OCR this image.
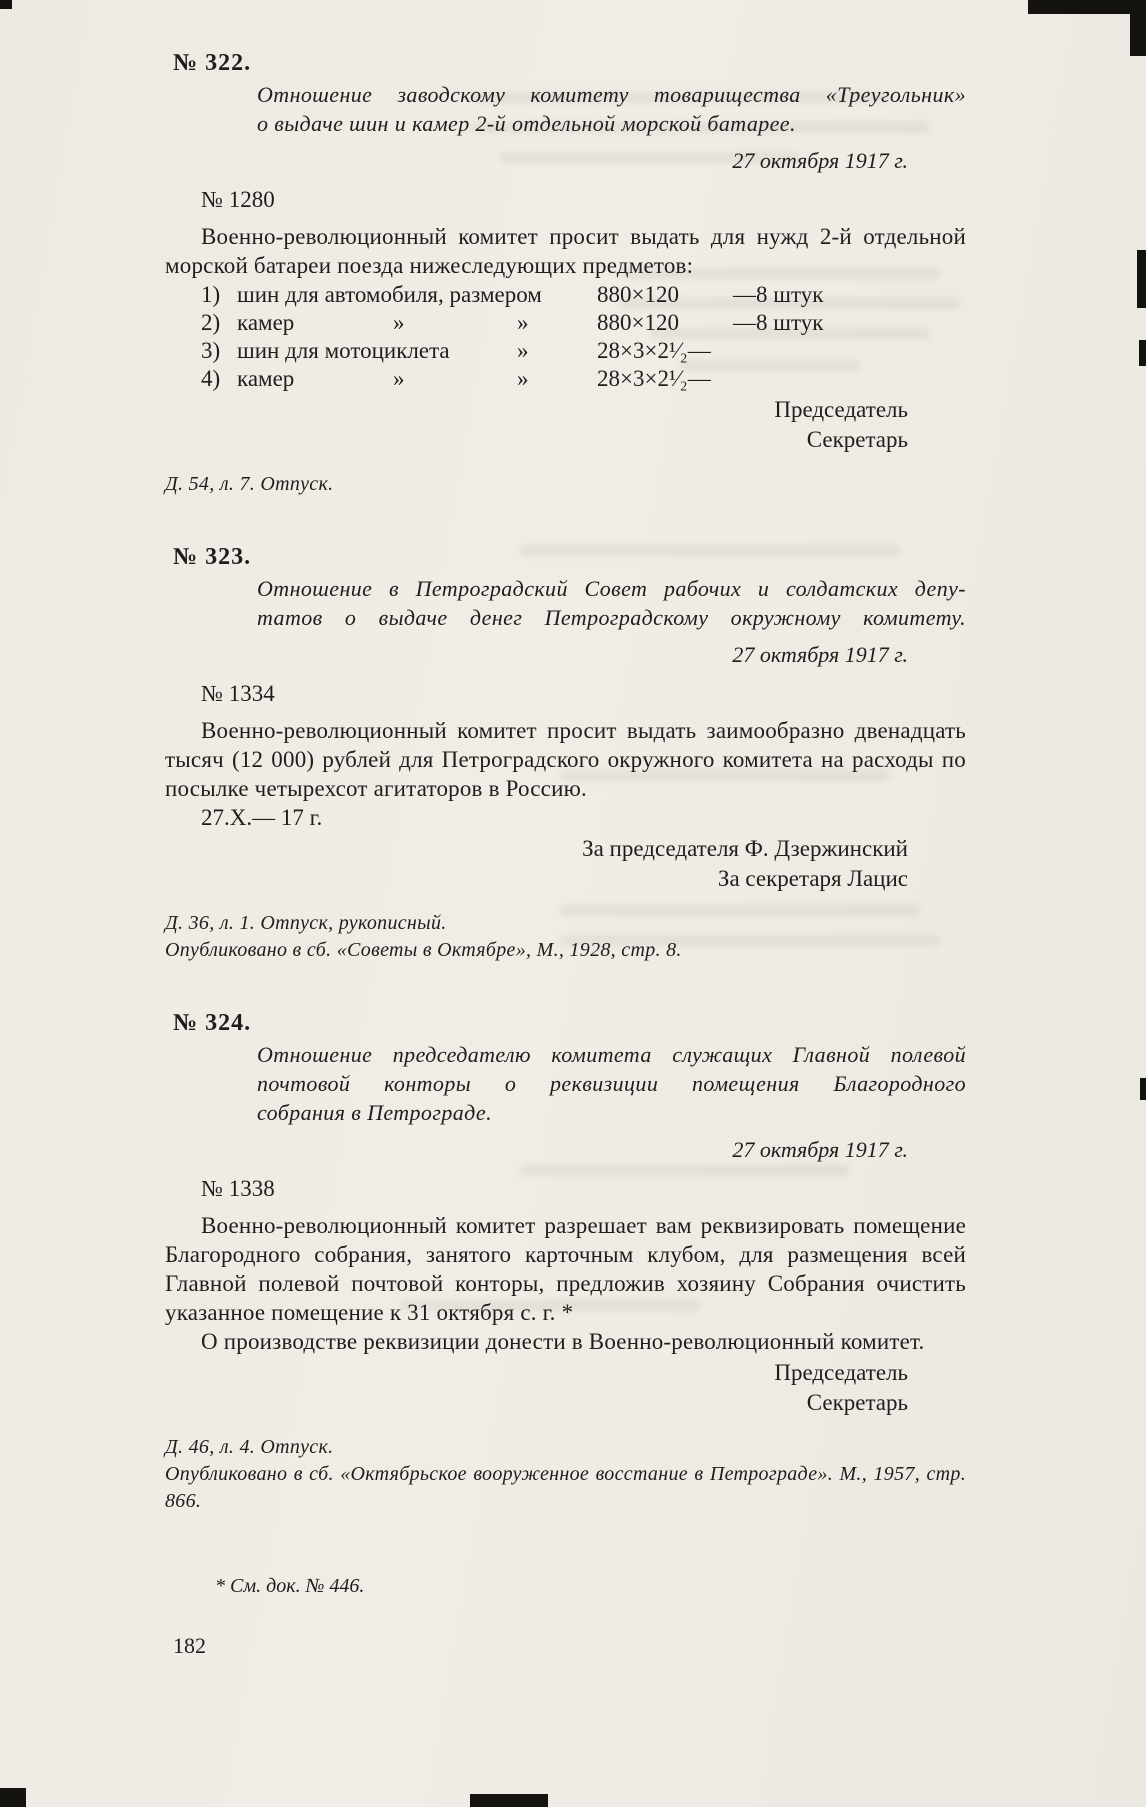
№ 322.
Отношение заводскому комитету товарищества «Треугольник»
о выдаче шин и камер 2-й отдельной морской батарее.
27 октября 1917 г.
№ 1280

Военно-революционный комитет просит выдать для нужд 2-й отдельной морской батареи поезда нижеследующих предметов:

1) шин для автомобиля, размером 880×120 —8 штук
2) камер	»	»	880×120 —8 штук
3) шин для мотоциклета	»	28×3×2¹⁄₂—
4) камер	»	»	28×3×2¹⁄₂—
Председатель
Секретарь

Д. 54, л. 7. Отпуск.

№ 323.
Отношение в Петроградский Совет рабочих и солдатских депу-
татов о выдаче денег Петроградскому окружному комитету.
27 октября 1917 г.
№ 1334

Военно-революционный комитет просит выдать заимообразно двенадцать тысяч (12 000) рублей для Петроградского окружного комитета на расходы по посылке четырехсот агитаторов в Россию.

27.X.— 17 г.
За председателя Ф. Дзержинский
За секретаря Лацис

Д. 36, л. 1. Отпуск, рукописный.

Опубликовано в сб. «Советы в Октябре», М., 1928, стр. 8.

№ 324.
Отношение председателю комитета служащих Главной полевой
почтовой конторы о реквизиции помещения Благородного
собрания в Петрограде.
27 октября 1917 г.
№ 1338

Военно-революционный комитет разрешает вам реквизировать помещение Благородного собрания, занятого карточным клубом, для размещения всей Главной полевой почтовой конторы, предложив хозяину Собрания очистить указанное помещение к 31 октября с. г. *

О производстве реквизиции донести в Военно-революционный комитет.

Председатель
Секретарь

Д. 46, л. 4. Отпуск.

Опубликовано в сб. «Октябрьское вооруженное восстание в Петрограде». М., 1957, стр. 866.

* См. док. № 446.
182
